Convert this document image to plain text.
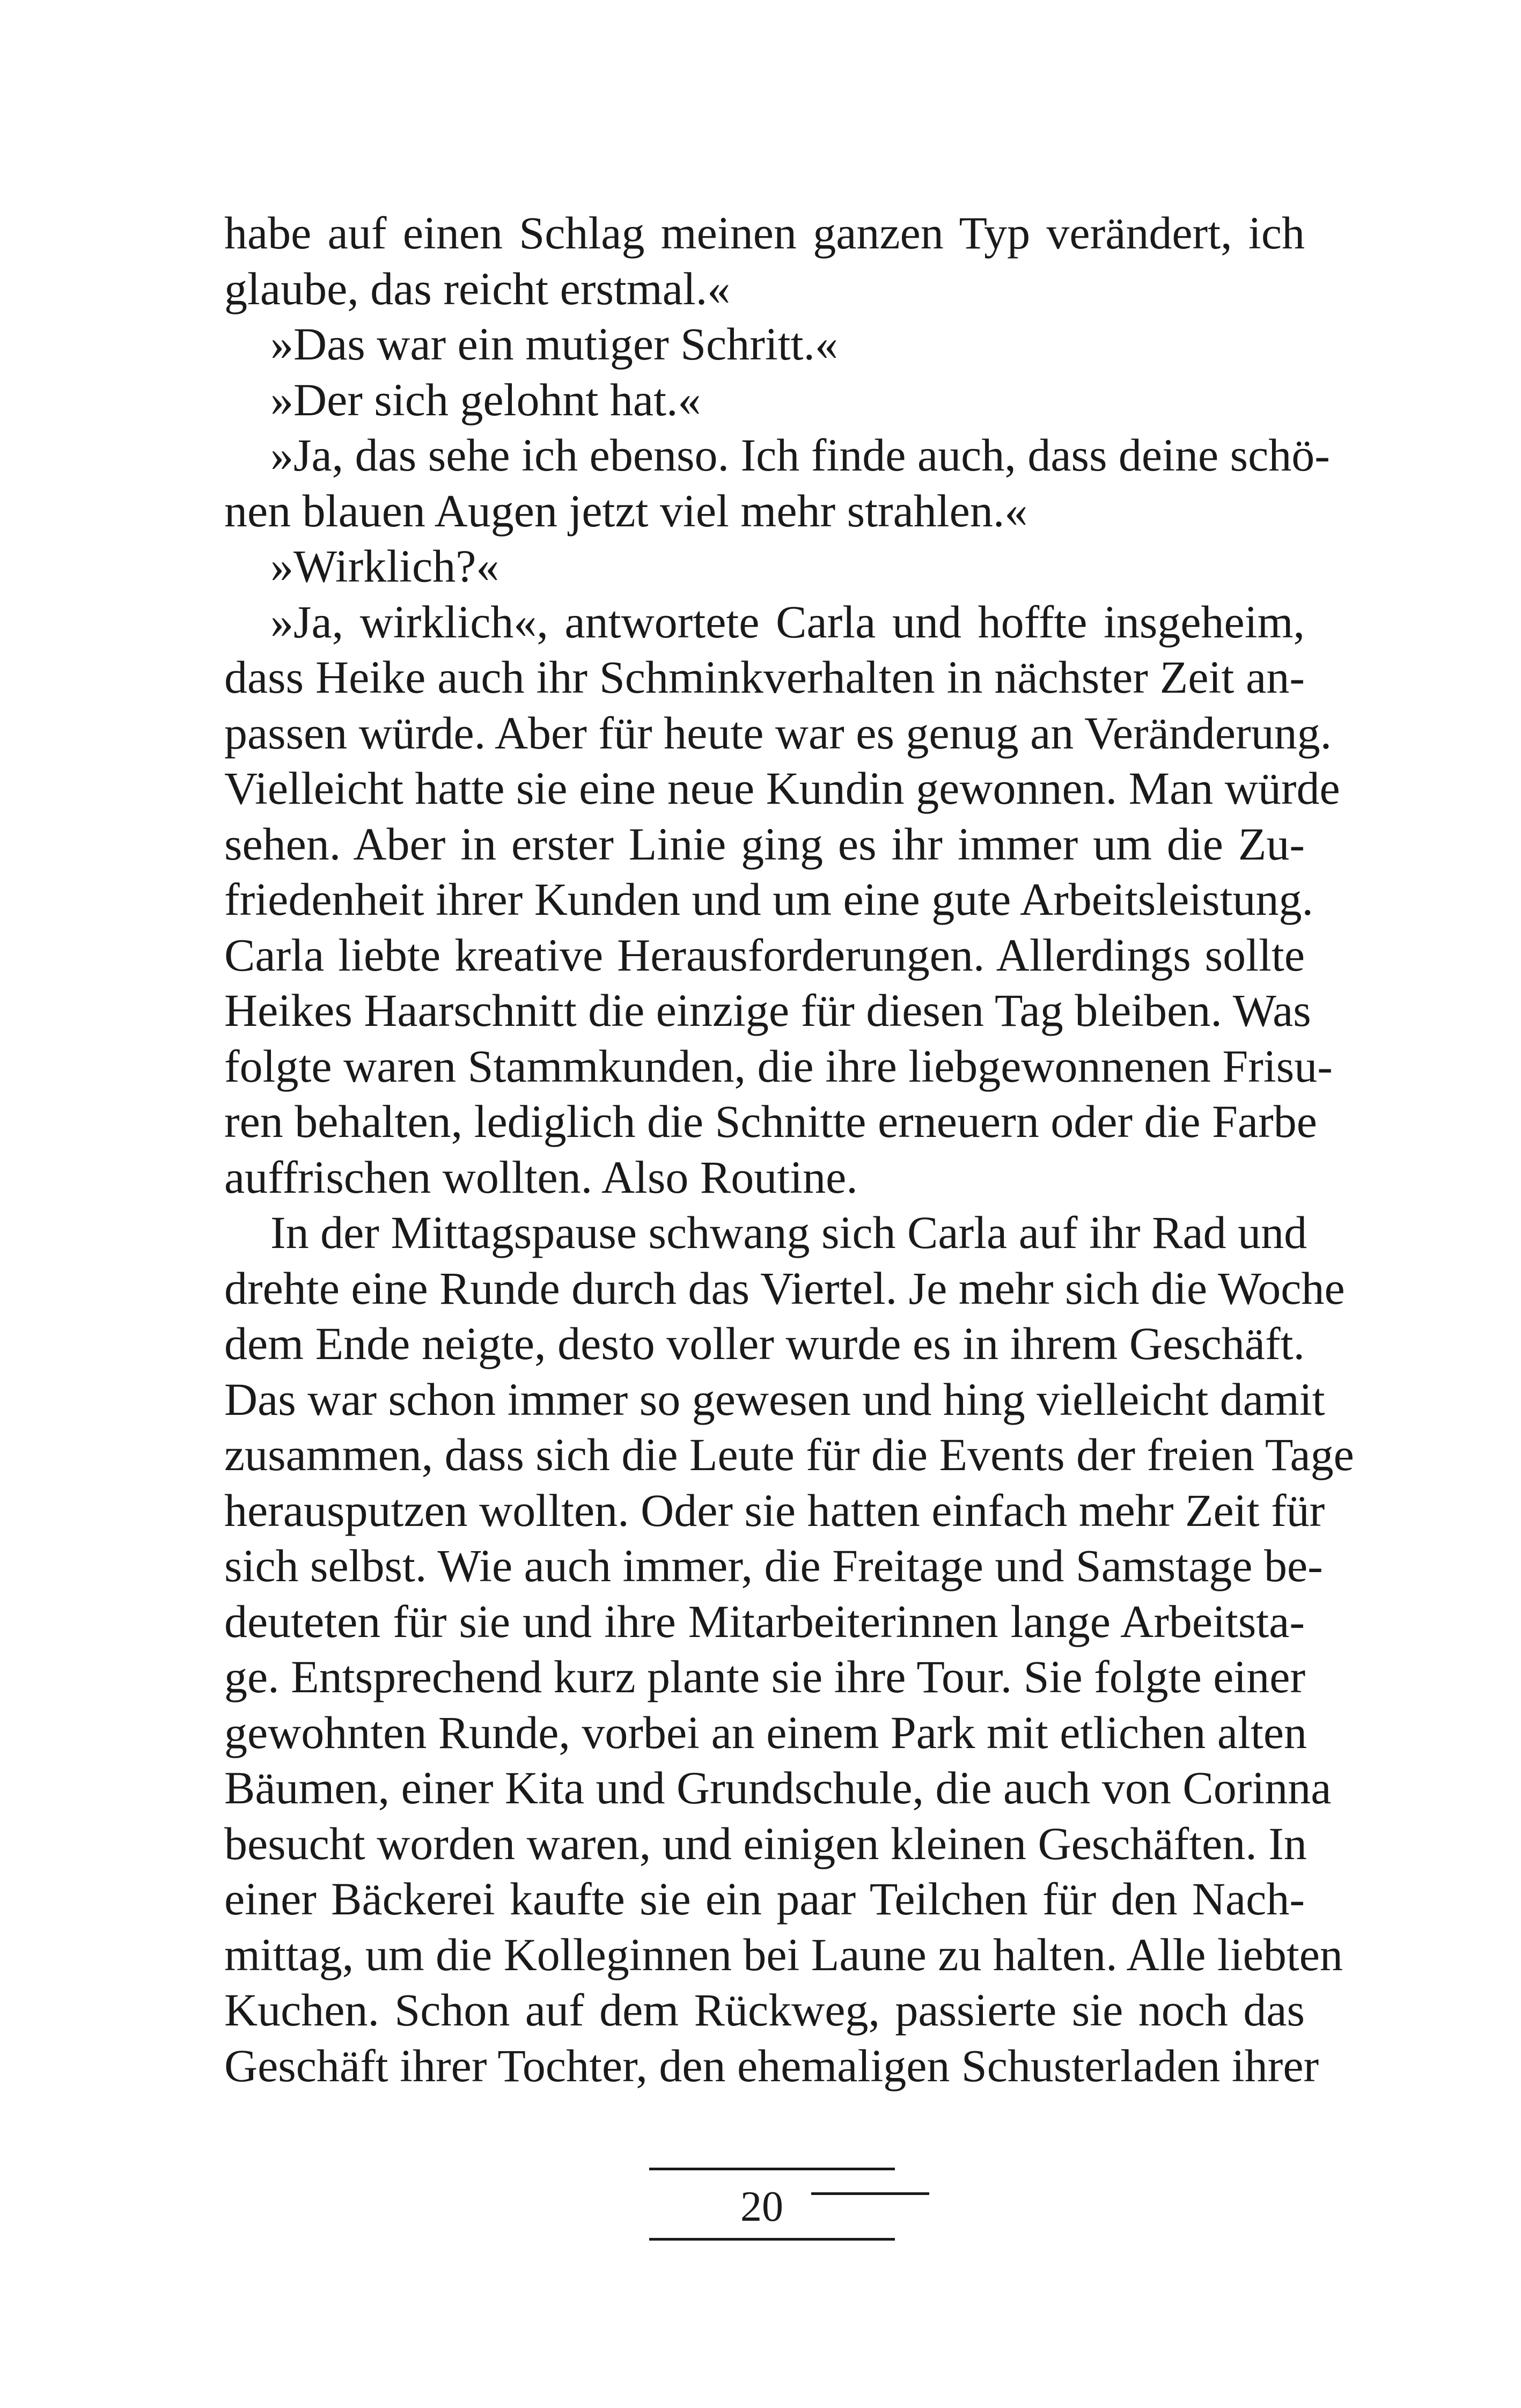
habe auf einen Schlag meinen ganzen Typ verändert, ich
glaube, das reicht erstmal.«
»Das war ein mutiger Schritt.«
»Der sich gelohnt hat.«
»Ja, das sehe ich ebenso. Ich finde auch, dass deine schö-
nen blauen Augen jetzt viel mehr strahlen.«
»Wirklich?«
»Ja, wirklich«, antwortete Carla und hoffte insgeheim,
dass Heike auch ihr Schminkverhalten in nächster Zeit an-
passen würde. Aber für heute war es genug an Veränderung.
Vielleicht hatte sie eine neue Kundin gewonnen. Man würde
sehen. Aber in erster Linie ging es ihr immer um die Zu-
friedenheit ihrer Kunden und um eine gute Arbeitsleistung.
Carla liebte kreative Herausforderungen. Allerdings sollte
Heikes Haarschnitt die einzige für diesen Tag bleiben. Was
folgte waren Stammkunden, die ihre liebgewonnenen Frisu-
ren behalten, lediglich die Schnitte erneuern oder die Farbe
auffrischen wollten. Also Routine.
In der Mittagspause schwang sich Carla auf ihr Rad und
drehte eine Runde durch das Viertel. Je mehr sich die Woche
dem Ende neigte, desto voller wurde es in ihrem Geschäft.
Das war schon immer so gewesen und hing vielleicht damit
zusammen, dass sich die Leute für die Events der freien Tage
herausputzen wollten. Oder sie hatten einfach mehr Zeit für
sich selbst. Wie auch immer, die Freitage und Samstage be-
deuteten für sie und ihre Mitarbeiterinnen lange Arbeitsta-
ge. Entsprechend kurz plante sie ihre Tour. Sie folgte einer
gewohnten Runde, vorbei an einem Park mit etlichen alten
Bäumen, einer Kita und Grundschule, die auch von Corinna
besucht worden waren, und einigen kleinen Geschäften. In
einer Bäckerei kaufte sie ein paar Teilchen für den Nach-
mittag, um die Kolleginnen bei Laune zu halten. Alle liebten
Kuchen. Schon auf dem Rückweg, passierte sie noch das
Geschäft ihrer Tochter, den ehemaligen Schusterladen ihrer
20
